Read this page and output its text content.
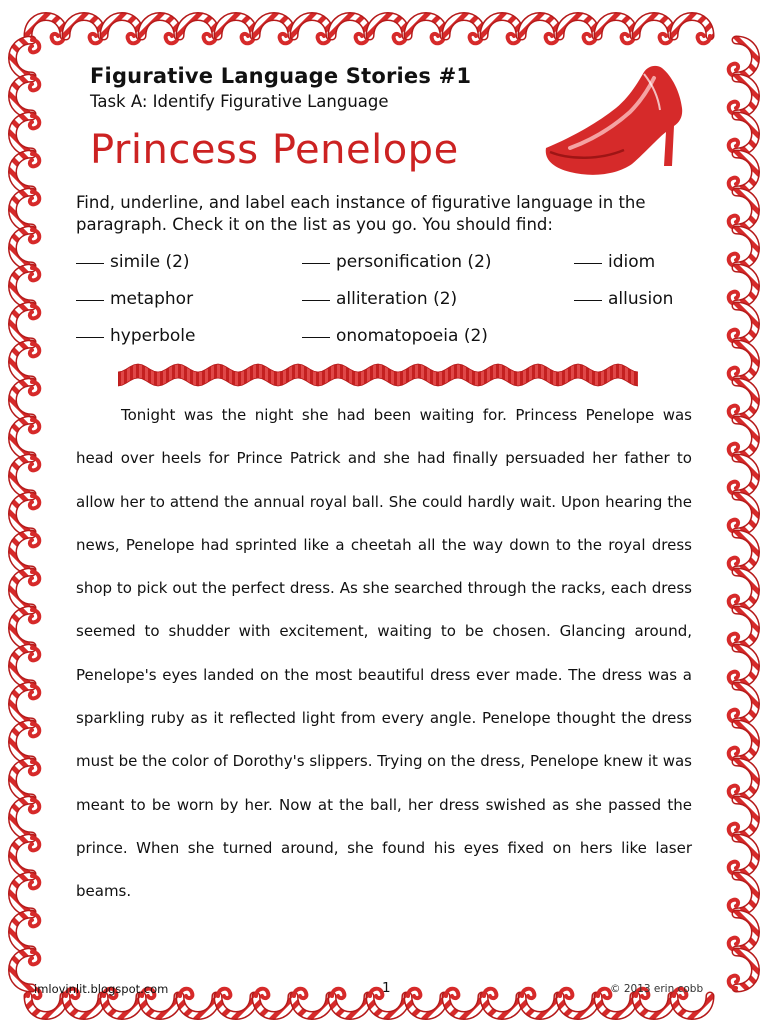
Figurative Language Stories #1
Task A: Identify Figurative Language
Princess Penelope
Find, underline, and label each instance of figurative language in the paragraph. Check it on the list as you go. You should find:
simile (2)	personification (2)	idiom
metaphor	alliteration (2)	allusion
hyperbole	onomatopoeia (2)
Tonight was the night she had been waiting for. Princess Penelope was head over heels for Prince Patrick and she had finally persuaded her father to allow her to attend the annual royal ball. She could hardly wait. Upon hearing the news, Penelope had sprinted like a cheetah all the way down to the royal dress shop to pick out the perfect dress. As she searched through the racks, each dress seemed to shudder with excitement, waiting to be chosen. Glancing around, Penelope's eyes landed on the most beautiful dress ever made. The dress was a sparkling ruby as it reflected light from every angle. Penelope thought the dress must be the color of Dorothy's slippers. Trying on the dress, Penelope knew it was meant to be worn by her. Now at the ball, her dress swished as she passed the prince. When she turned around, she found his eyes fixed on hers like laser beams.
imlovinlit.blogspot.com	1	© 2013 erin cobb
